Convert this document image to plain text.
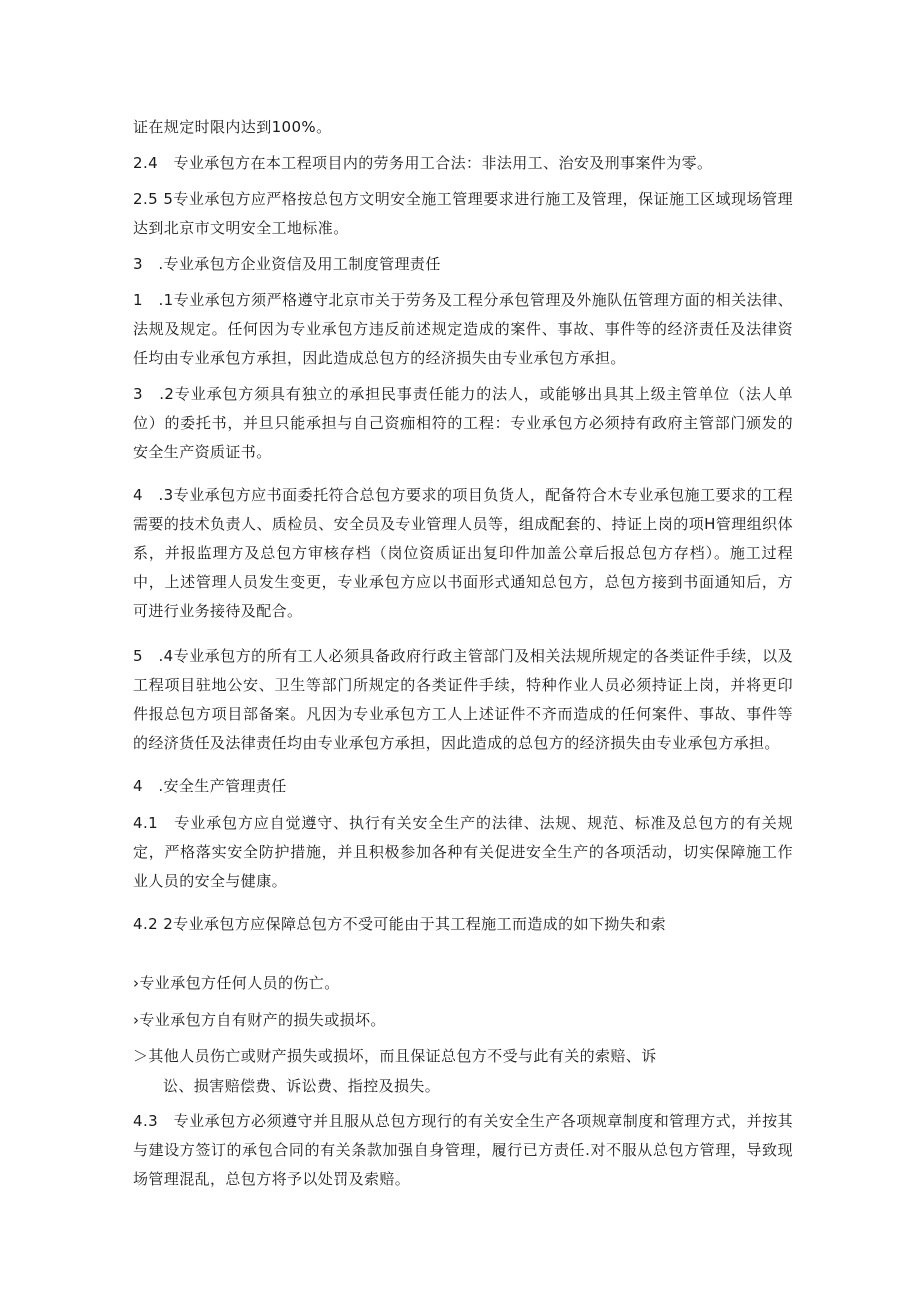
证在规定时限内达到100%。

2.4　专业承包方在本工程项目内的劳务用工合法：非法用工、治安及刑事案件为零。

2.5 5专业承包方应严格按总包方文明安全施工管理要求进行施工及管理，保证施工区域现场管理达到北京市文明安全工地标准。

3　.专业承包方企业资信及用工制度管理责任

1　.1专业承包方须严格遵守北京市关于劳务及工程分承包管理及外施队伍管理方面的相关法律、法规及规定。任何因为专业承包方违反前述规定造成的案件、事故、事件等的经济责任及法律资任均由专业承包方承担，因此造成总包方的经济损失由专业承包方承担。

3　.2专业承包方须具有独立的承担民事责任能力的法人，或能够出具其上级主管单位（法人单位）的委托书，并旦只能承担与自己资痂相符的工程：专业承包方必须持有政府主管部门颁发的安全生产资质证书。

4　.3专业承包方应书面委托符合总包方要求的项目负货人，配备符合木专业承包施工要求的工程需要的技术负责人、质检员、安全员及专业管理人员等，组成配套的、持证上岗的项H管理组织体系，并报监理方及总包方审核存档（岗位资质证出复印件加盖公章后报总包方存档）。施工过程中，上述管理人员发生变更，专业承包方应以书面形式通知总包方，总包方接到书面通知后，方可进行业务接待及配合。

5　.4专业承包方的所有工人必须具备政府行政主管部门及相关法规所规定的各类证件手续，以及工程项目驻地公安、卫生等部门所规定的各类证件手续，特种作业人员必须持证上岗，并将更印件报总包方项目部备案。凡因为专业承包方工人上述证件不齐而造成的任何案件、事故、事件等的经济货任及法律责任均由专业承包方承担，因此造成的总包方的经济损失由专业承包方承担。

4　.安全生产管理责任

4.1　专业承包方应自觉遵守、执行有关安全生产的法律、法规、规范、标准及总包方的有关规定，严格落实安全防护措施，并且积极参加各种有关促进安全生产的各项活动，切实保障施工作业人员的安全与健康。

4.2 2专业承包方应保障总包方不受可能由于其工程施工而造成的如下拗失和索

›专业承包方任何人员的伤亡。

›专业承包方自有财产的损失或损坏。

＞其他人员伤亡或财产损失或损坏，而且保证总包方不受与此有关的索赔、诉

讼、损害赔偿费、诉讼费、指控及损失。

4.3　专业承包方必须遵守并且服从总包方现行的有关安全生产各项规章制度和管理方式，并按其与建设方签订的承包合同的有关条款加强自身管理，履行已方责任.对不服从总包方管理，导致现场管理混乱，总包方将予以处罚及索赔。
